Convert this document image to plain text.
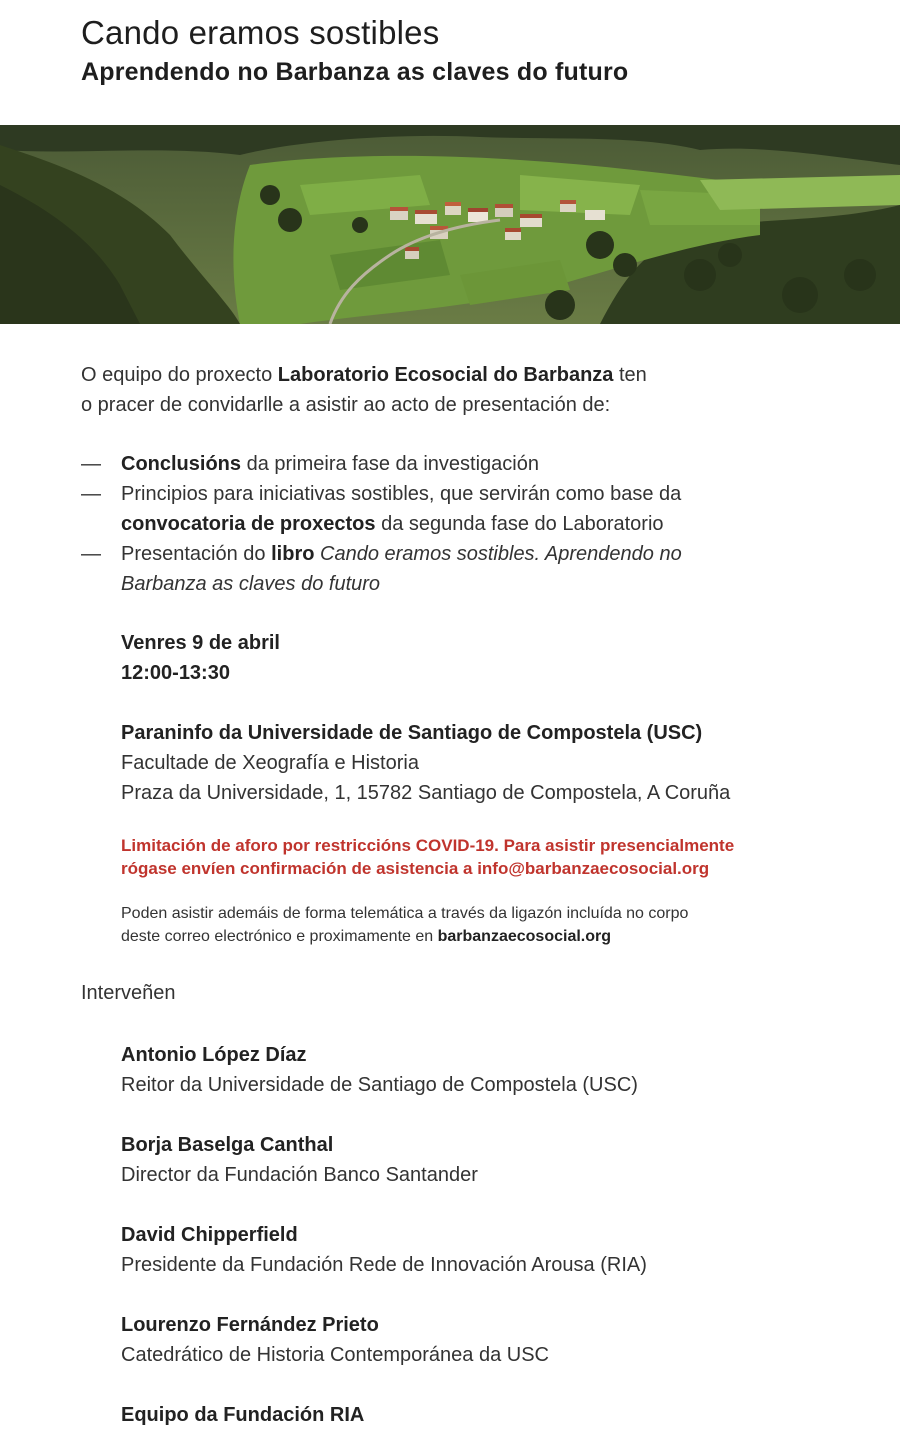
Cando eramos sostibles
Aprendendo no Barbanza as claves do futuro

O equipo do proxecto Laboratorio Ecosocial do Barbanza ten
o pracer de convidarlle a asistir ao acto de presentación de:

— Conclusións da primeira fase da investigación
— Principios para iniciativas sostibles, que servirán como base da
convocatoria de proxectos da segunda fase do Laboratorio
— Presentación do libro Cando eramos sostibles. Aprendendo no
Barbanza as claves do futuro

Venres 9 de abril
12:00-13:30

Paraninfo da Universidade de Santiago de Compostela (USC)
Facultade de Xeografía e Historia
Praza da Universidade, 1, 15782 Santiago de Compostela, A Coruña

Limitación de aforo por restriccións COVID-19. Para asistir presencialmente
rógase envíen confirmación de asistencia a info@barbanzaecosocial.org

Poden asistir ademáis de forma telemática a través da ligazón incluída no corpo
deste correo electrónico e proximamente en barbanzaecosocial.org

Interveñen

Antonio López Díaz
Reitor da Universidade de Santiago de Compostela (USC)

Borja Baselga Canthal
Director da Fundación Banco Santander

David Chipperfield
Presidente da Fundación Rede de Innovación Arousa (RIA)

Lourenzo Fernández Prieto
Catedrático de Historia Contemporánea da USC

Equipo da Fundación RIA
